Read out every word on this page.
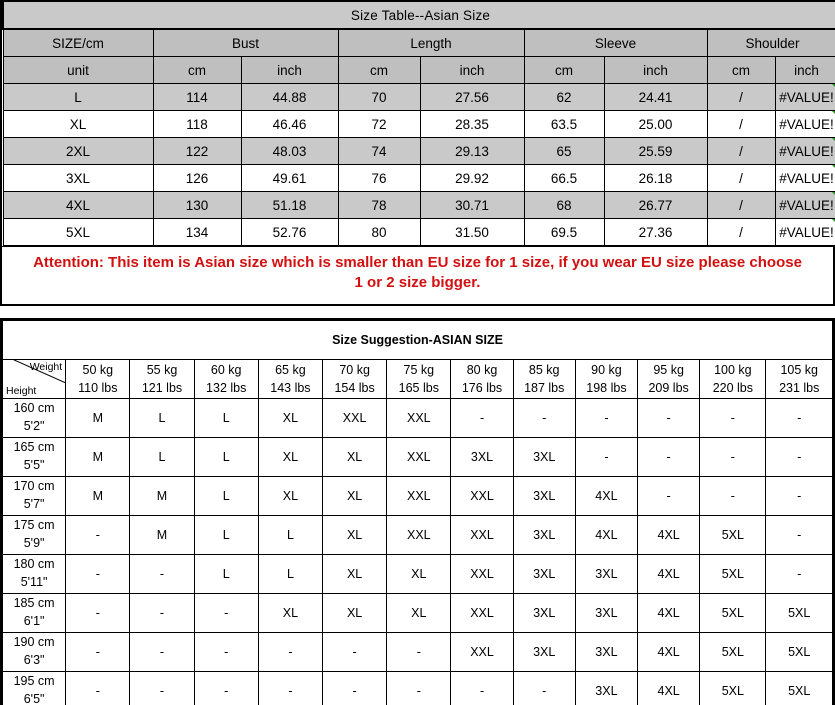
Size Table--Asian Size								
SIZE/cm	Bust		Length		Sleeve		Shoulder	
unit	cm	inch	cm	inch	cm	inch	cm	inch
L	114	44.88	70	27.56	62	24.41	/	#VALUE!
XL	118	46.46	72	28.35	63.5	25.00	/	#VALUE!
2XL	122	48.03	74	29.13	65	25.59	/	#VALUE!
3XL	126	49.61	76	29.92	66.5	26.18	/	#VALUE!
4XL	130	51.18	78	30.71	68	26.77	/	#VALUE!
5XL	134	52.76	80	31.50	69.5	27.36	/	#VALUE!
Attention: This item is Asian size which is smaller than EU size for 1 size, if you wear EU size please choose 1 or 2 size bigger.
Size Suggestion-ASIAN SIZE												

Weight
Height	50 kg
110 lbs	55 kg
121 lbs	60 kg
132 lbs	65 kg
143 lbs	70 kg
154 lbs	75 kg
165 lbs	80 kg
176 lbs	85 kg
187 lbs	90 kg
198 lbs	95 kg
209 lbs	100 kg
220 lbs	105 kg
231 lbs
160 cm
5'2"	M	L	L	XL	XXL	XXL	-	-	-	-	-	-
165 cm
5'5"	M	L	L	XL	XL	XXL	3XL	3XL	-	-	-	-
170 cm
5'7"	M	M	L	XL	XL	XXL	XXL	3XL	4XL	-	-	-
175 cm
5'9"	-	M	L	L	XL	XXL	XXL	3XL	4XL	4XL	5XL	-
180 cm
5'11"	-	-	L	L	XL	XL	XXL	3XL	3XL	4XL	5XL	-
185 cm
6'1"	-	-	-	XL	XL	XL	XXL	3XL	3XL	4XL	5XL	5XL
190 cm
6'3"	-	-	-	-	-	-	XXL	3XL	3XL	4XL	5XL	5XL
195 cm
6'5"	-	-	-	-	-	-	-	-	3XL	4XL	5XL	5XL
